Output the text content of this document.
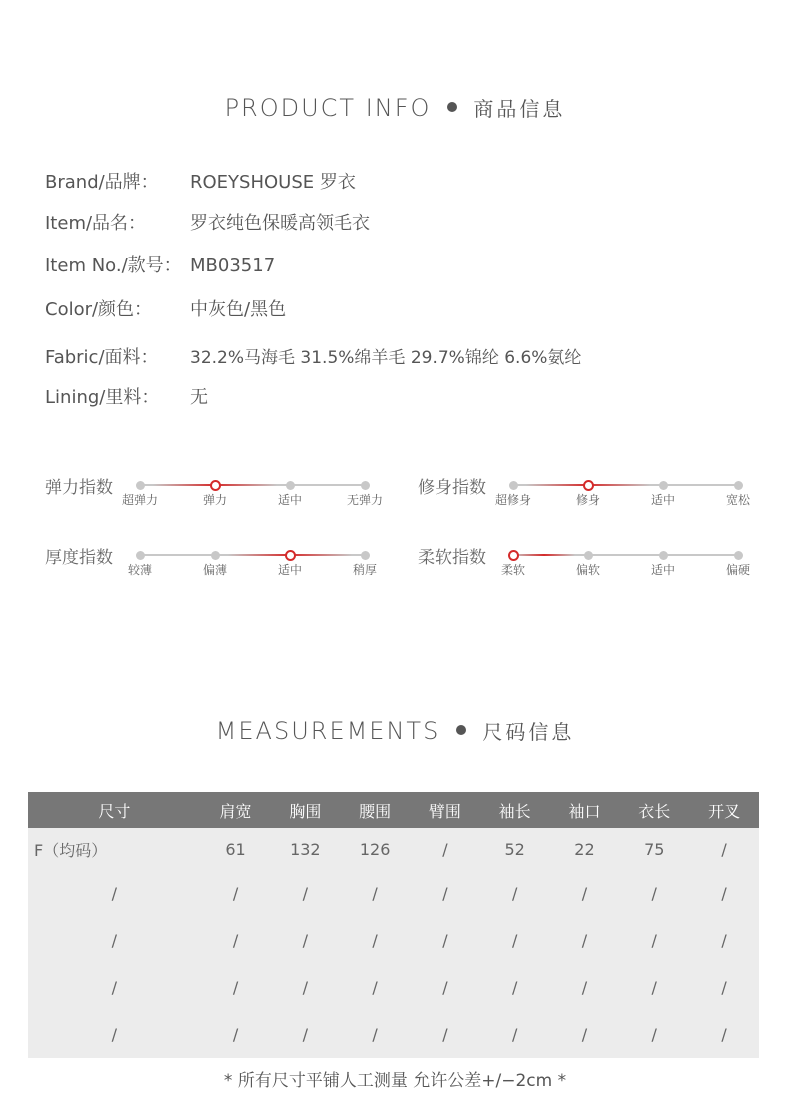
PRODUCT INFO 商品信息
Brand/品牌： ROEYSHOUSE 罗衣
Item/品名： 罗衣纯色保暖高领毛衣
Item No./款号： MB03517
Color/颜色： 中灰色/黑色
Fabric/面料： 32.2%马海毛 31.5%绵羊毛 29.7%锦纶 6.6%氨纶
Lining/里料： 无
弹力指数
超弹力	弹力	适中	无弹力
修身指数
超修身	修身	适中	宽松
厚度指数
较薄	偏薄	适中	稍厚
柔软指数
柔软	偏软	适中	偏硬
MEASUREMENTS 尺码信息
尺寸	肩宽	胸围	腰围	臂围	袖长	袖口	衣长	开叉
F（均码）	61	132	126	/	52	22	75	/
/	/	/	/	/	/	/	/	/
/	/	/	/	/	/	/	/	/
/	/	/	/	/	/	/	/	/
/	/	/	/	/	/	/	/	/
* 所有尺寸平铺人工测量 允许公差+/−2cm *
